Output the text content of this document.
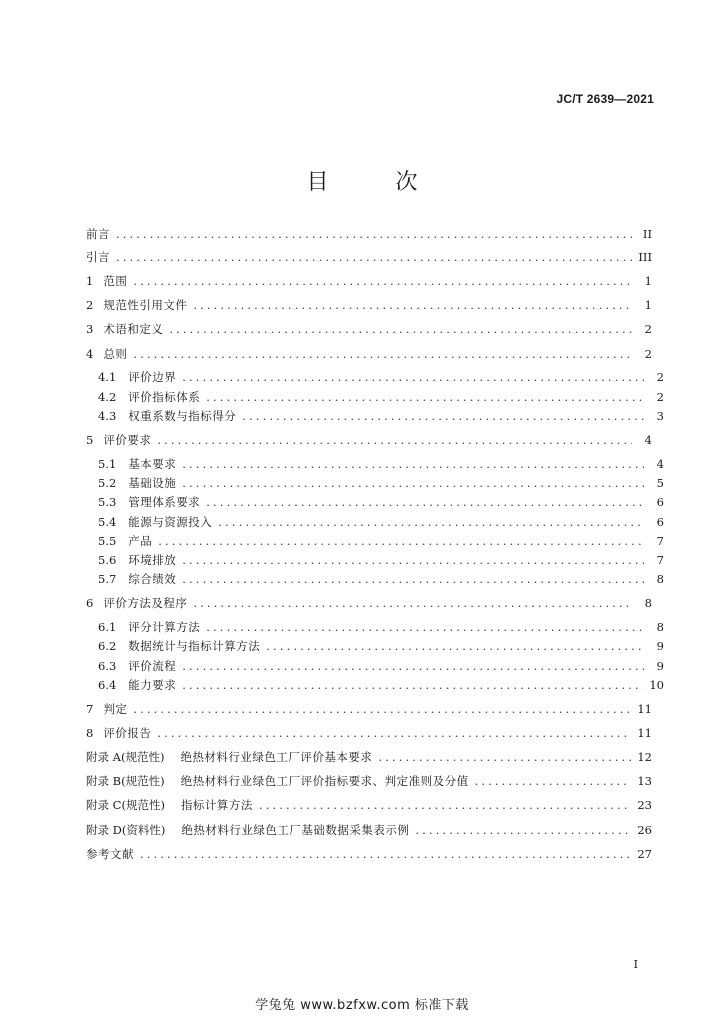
JC/T 2639—2021
目 次
前言 .....	II
引言 .....	III
1 范围 .....	1
2 规范性引用文件 .....	1
3 术语和定义 .....	2
4 总则 .....	2
4.1 评价边界 .....	2
4.2 评价指标体系 .....	2
4.3 权重系数与指标得分 .....	3
5 评价要求 .....	4
5.1 基本要求 .....	4
5.2 基础设施 .....	5
5.3 管理体系要求 .....	6
5.4 能源与资源投入 .....	6
5.5 产品 .....	7
5.6 环境排放 .....	7
5.7 综合绩效 .....	8
6 评价方法及程序 .....	8
6.1 评分计算方法 .....	8
6.2 数据统计与指标计算方法 .....	9
6.3 评价流程 .....	9
6.4 能力要求 .....	10
7 判定 .....	11
8 评价报告 .....	11
附录 A(规范性) 绝热材料行业绿色工厂评价基本要求 .....	12
附录 B(规范性) 绝热材料行业绿色工厂评价指标要求、判定准则及分值 .....	13
附录 C(规范性) 指标计算方法 .....	23
附录 D(资料性) 绝热材料行业绿色工厂基础数据采集表示例 .....	26
参考文献 .....	27
I
学兔兔 www.bzfxw.com 标准下载
